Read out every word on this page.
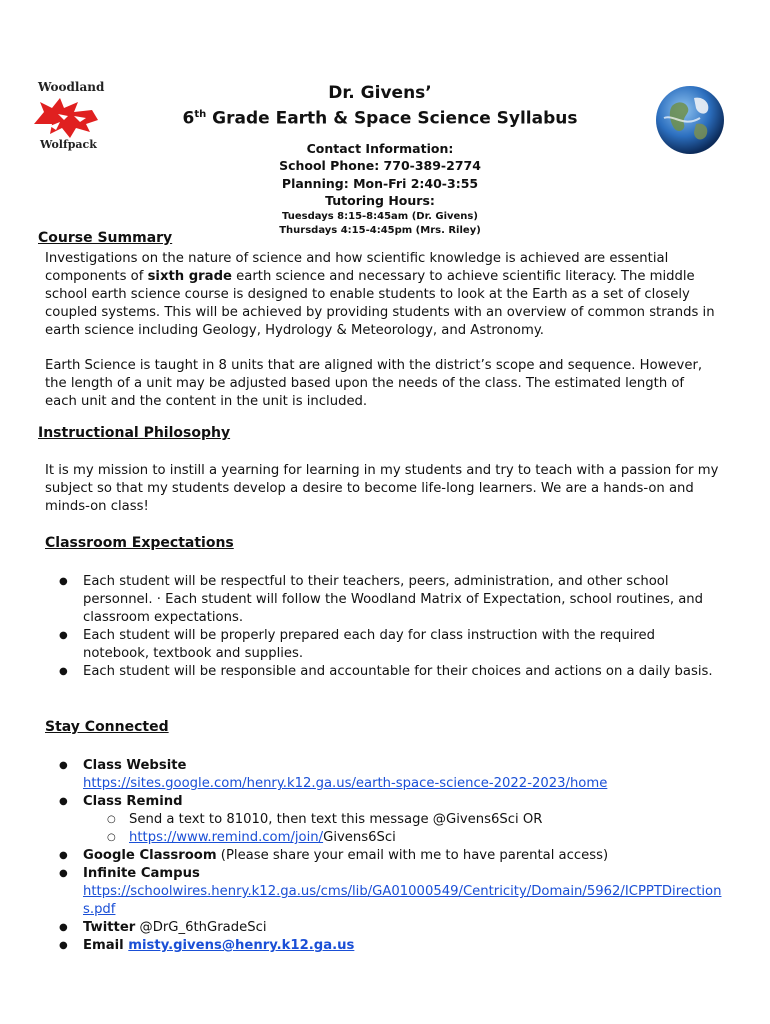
Woodland
Wolfpack
Dr. Givens’
6th Grade Earth & Space Science Syllabus
Contact Information:
School Phone: 770-389-2774
Planning: Mon-Fri 2:40-3:55
Tutoring Hours:
Tuesdays 8:15-8:45am (Dr. Givens)
Thursdays 4:15-4:45pm (Mrs. Riley)
Course Summary
Investigations on the nature of science and how scientific knowledge is achieved are essential components of sixth grade earth science and necessary to achieve scientific literacy. The middle school earth science course is designed to enable students to look at the Earth as a set of closely coupled systems. This will be achieved by providing students with an overview of common strands in earth science including Geology, Hydrology & Meteorology, and Astronomy.
Earth Science is taught in 8 units that are aligned with the district’s scope and sequence. However, the length of a unit may be adjusted based upon the needs of the class. The estimated length of each unit and the content in the unit is included.
Instructional Philosophy
It is my mission to instill a yearning for learning in my students and try to teach with a passion for my subject so that my students develop a desire to become life-long learners. We are a hands-on and minds-on class!
Classroom Expectations
● Each student will be respectful to their teachers, peers, administration, and other school personnel. · Each student will follow the Woodland Matrix of Expectation, school routines, and classroom expectations.
● Each student will be properly prepared each day for class instruction with the required notebook, textbook and supplies.
● Each student will be responsible and accountable for their choices and actions on a daily basis.
Stay Connected
● Class Website
https://sites.google.com/henry.k12.ga.us/earth-space-science-2022-2023/home
● Class Remind
○ Send a text to 81010, then text this message @Givens6Sci OR
○ https://www.remind.com/join/Givens6Sci
● Google Classroom (Please share your email with me to have parental access)
● Infinite Campus
https://schoolwires.henry.k12.ga.us/cms/lib/GA01000549/Centricity/Domain/5962/ICPPTDirections.pdf
● Twitter @DrG_6thGradeSci
● Email misty.givens@henry.k12.ga.us
